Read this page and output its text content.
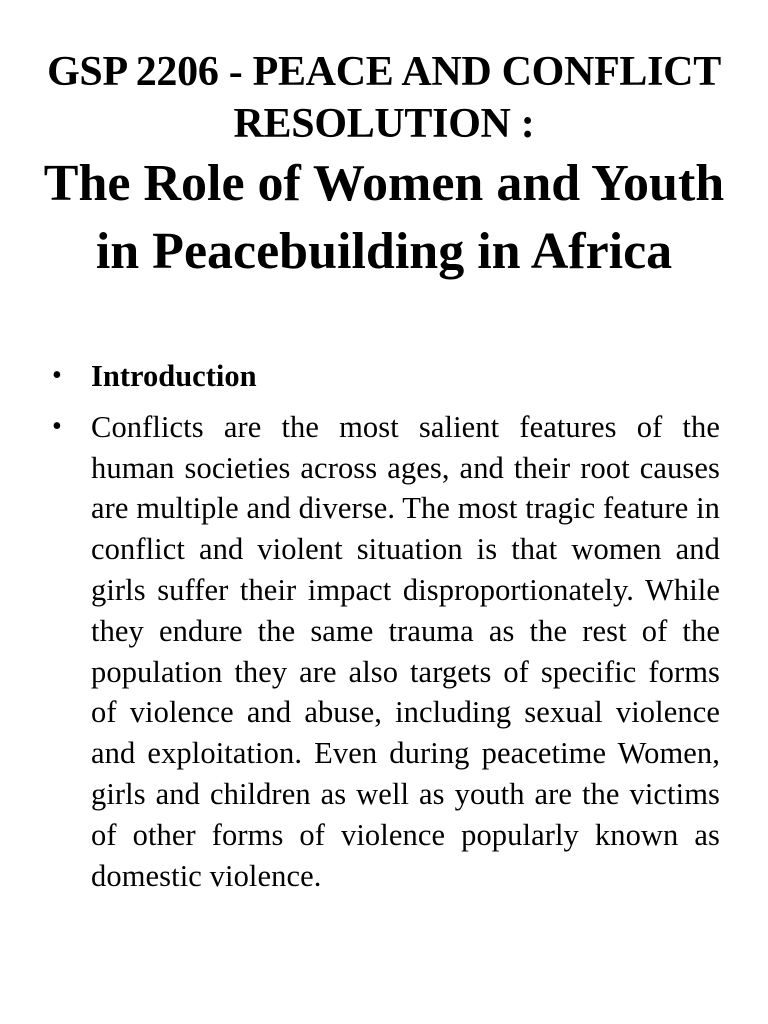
GSP 2206 - PEACE AND CONFLICT RESOLUTION :
The Role of Women and Youth in Peacebuilding in Africa
• Introduction
• Conflicts are the most salient features of the human societies across ages, and their root causes are multiple and diverse. The most tragic feature in conflict and violent situation is that women and girls suffer their impact disproportionately. While they endure the same trauma as the rest of the population they are also targets of specific forms of violence and abuse, including sexual violence and exploitation. Even during peacetime Women, girls and children as well as youth are the victims of other forms of violence popularly known as domestic violence.
